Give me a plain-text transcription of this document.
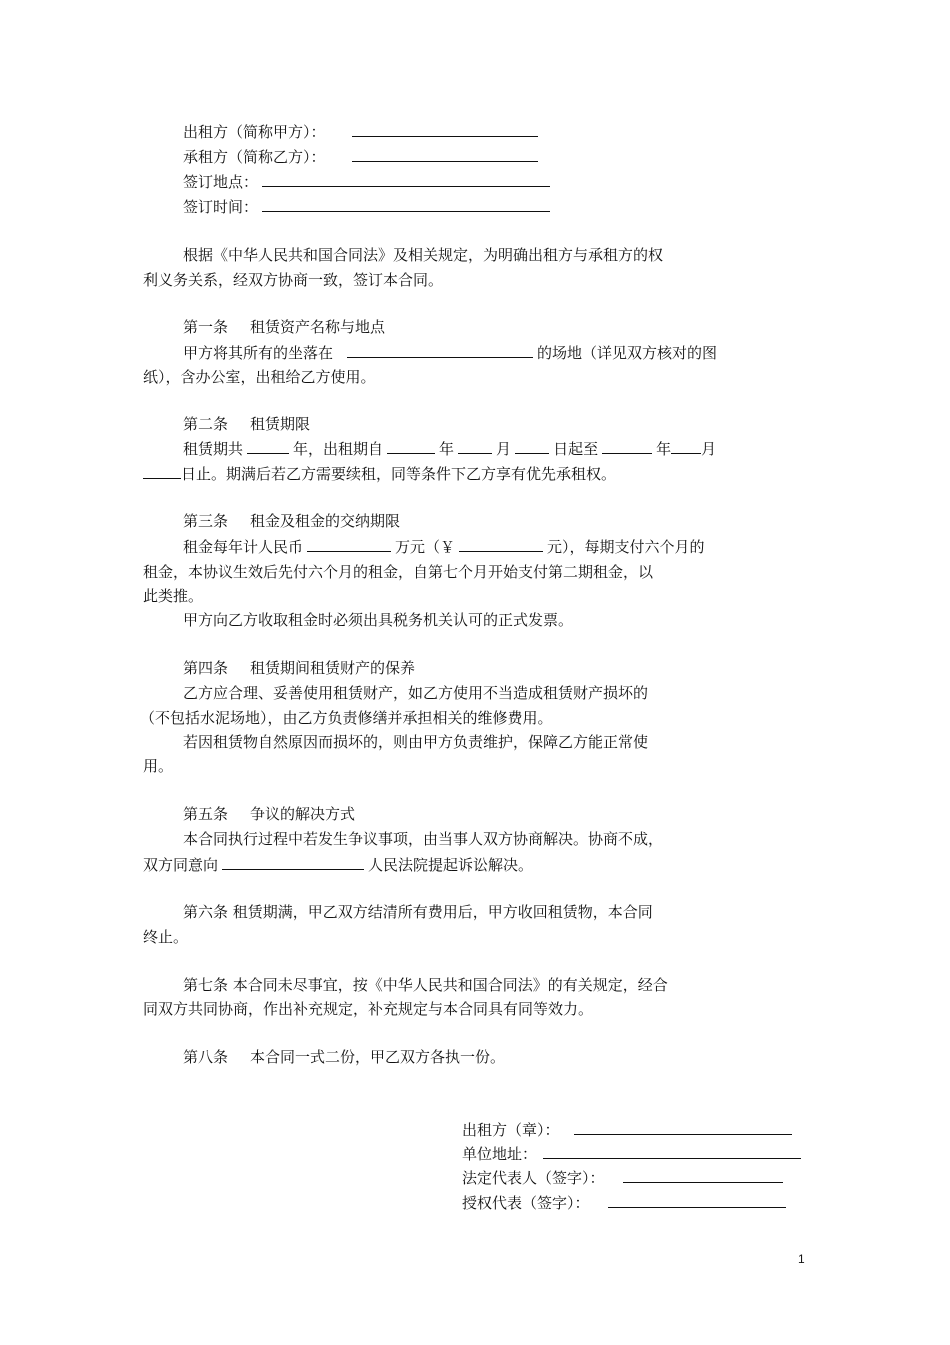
出租方（简称甲方）：
承租方（简称乙方）：
签订地点：
签订时间：
根据《中华人民共和国合同法》及相关规定，为明确出租方与承租方的权
利义务关系，经双方协商一致，签订本合同。
第一条 租赁资产名称与地点
甲方将其所有的坐落在	的场地（详见双方核对的图
纸），含办公室，出租给乙方使用。
第二条 租赁期限
租赁期共	年，出租期自	年	月	日起至	年 月
日止。期满后若乙方需要续租，同等条件下乙方享有优先承租权。
第三条 租金及租金的交纳期限
租金每年计人民币	万元（￥	元），每期支付六个月的
租金，本协议生效后先付六个月的租金，自第七个月开始支付第二期租金，以
此类推。
甲方向乙方收取租金时必须出具税务机关认可的正式发票。
第四条 租赁期间租赁财产的保养
乙方应合理、妥善使用租赁财产，如乙方使用不当造成租赁财产损坏的
（不包括水泥场地），由乙方负责修缮并承担相关的维修费用。
若因租赁物自然原因而损坏的，则由甲方负责维护，保障乙方能正常使
用。
第五条 争议的解决方式
本合同执行过程中若发生争议事项，由当事人双方协商解决。协商不成，
双方同意向	人民法院提起诉讼解决。
第六条 租赁期满，甲乙双方结清所有费用后，甲方收回租赁物，本合同
终止。
第七条 本合同未尽事宜，按《中华人民共和国合同法》的有关规定，经合
同双方共同协商，作出补充规定，补充规定与本合同具有同等效力。
第八条 本合同一式二份，甲乙双方各执一份。
出租方（章）：
单位地址：
法定代表人（签字）：
授权代表（签字）：
1
